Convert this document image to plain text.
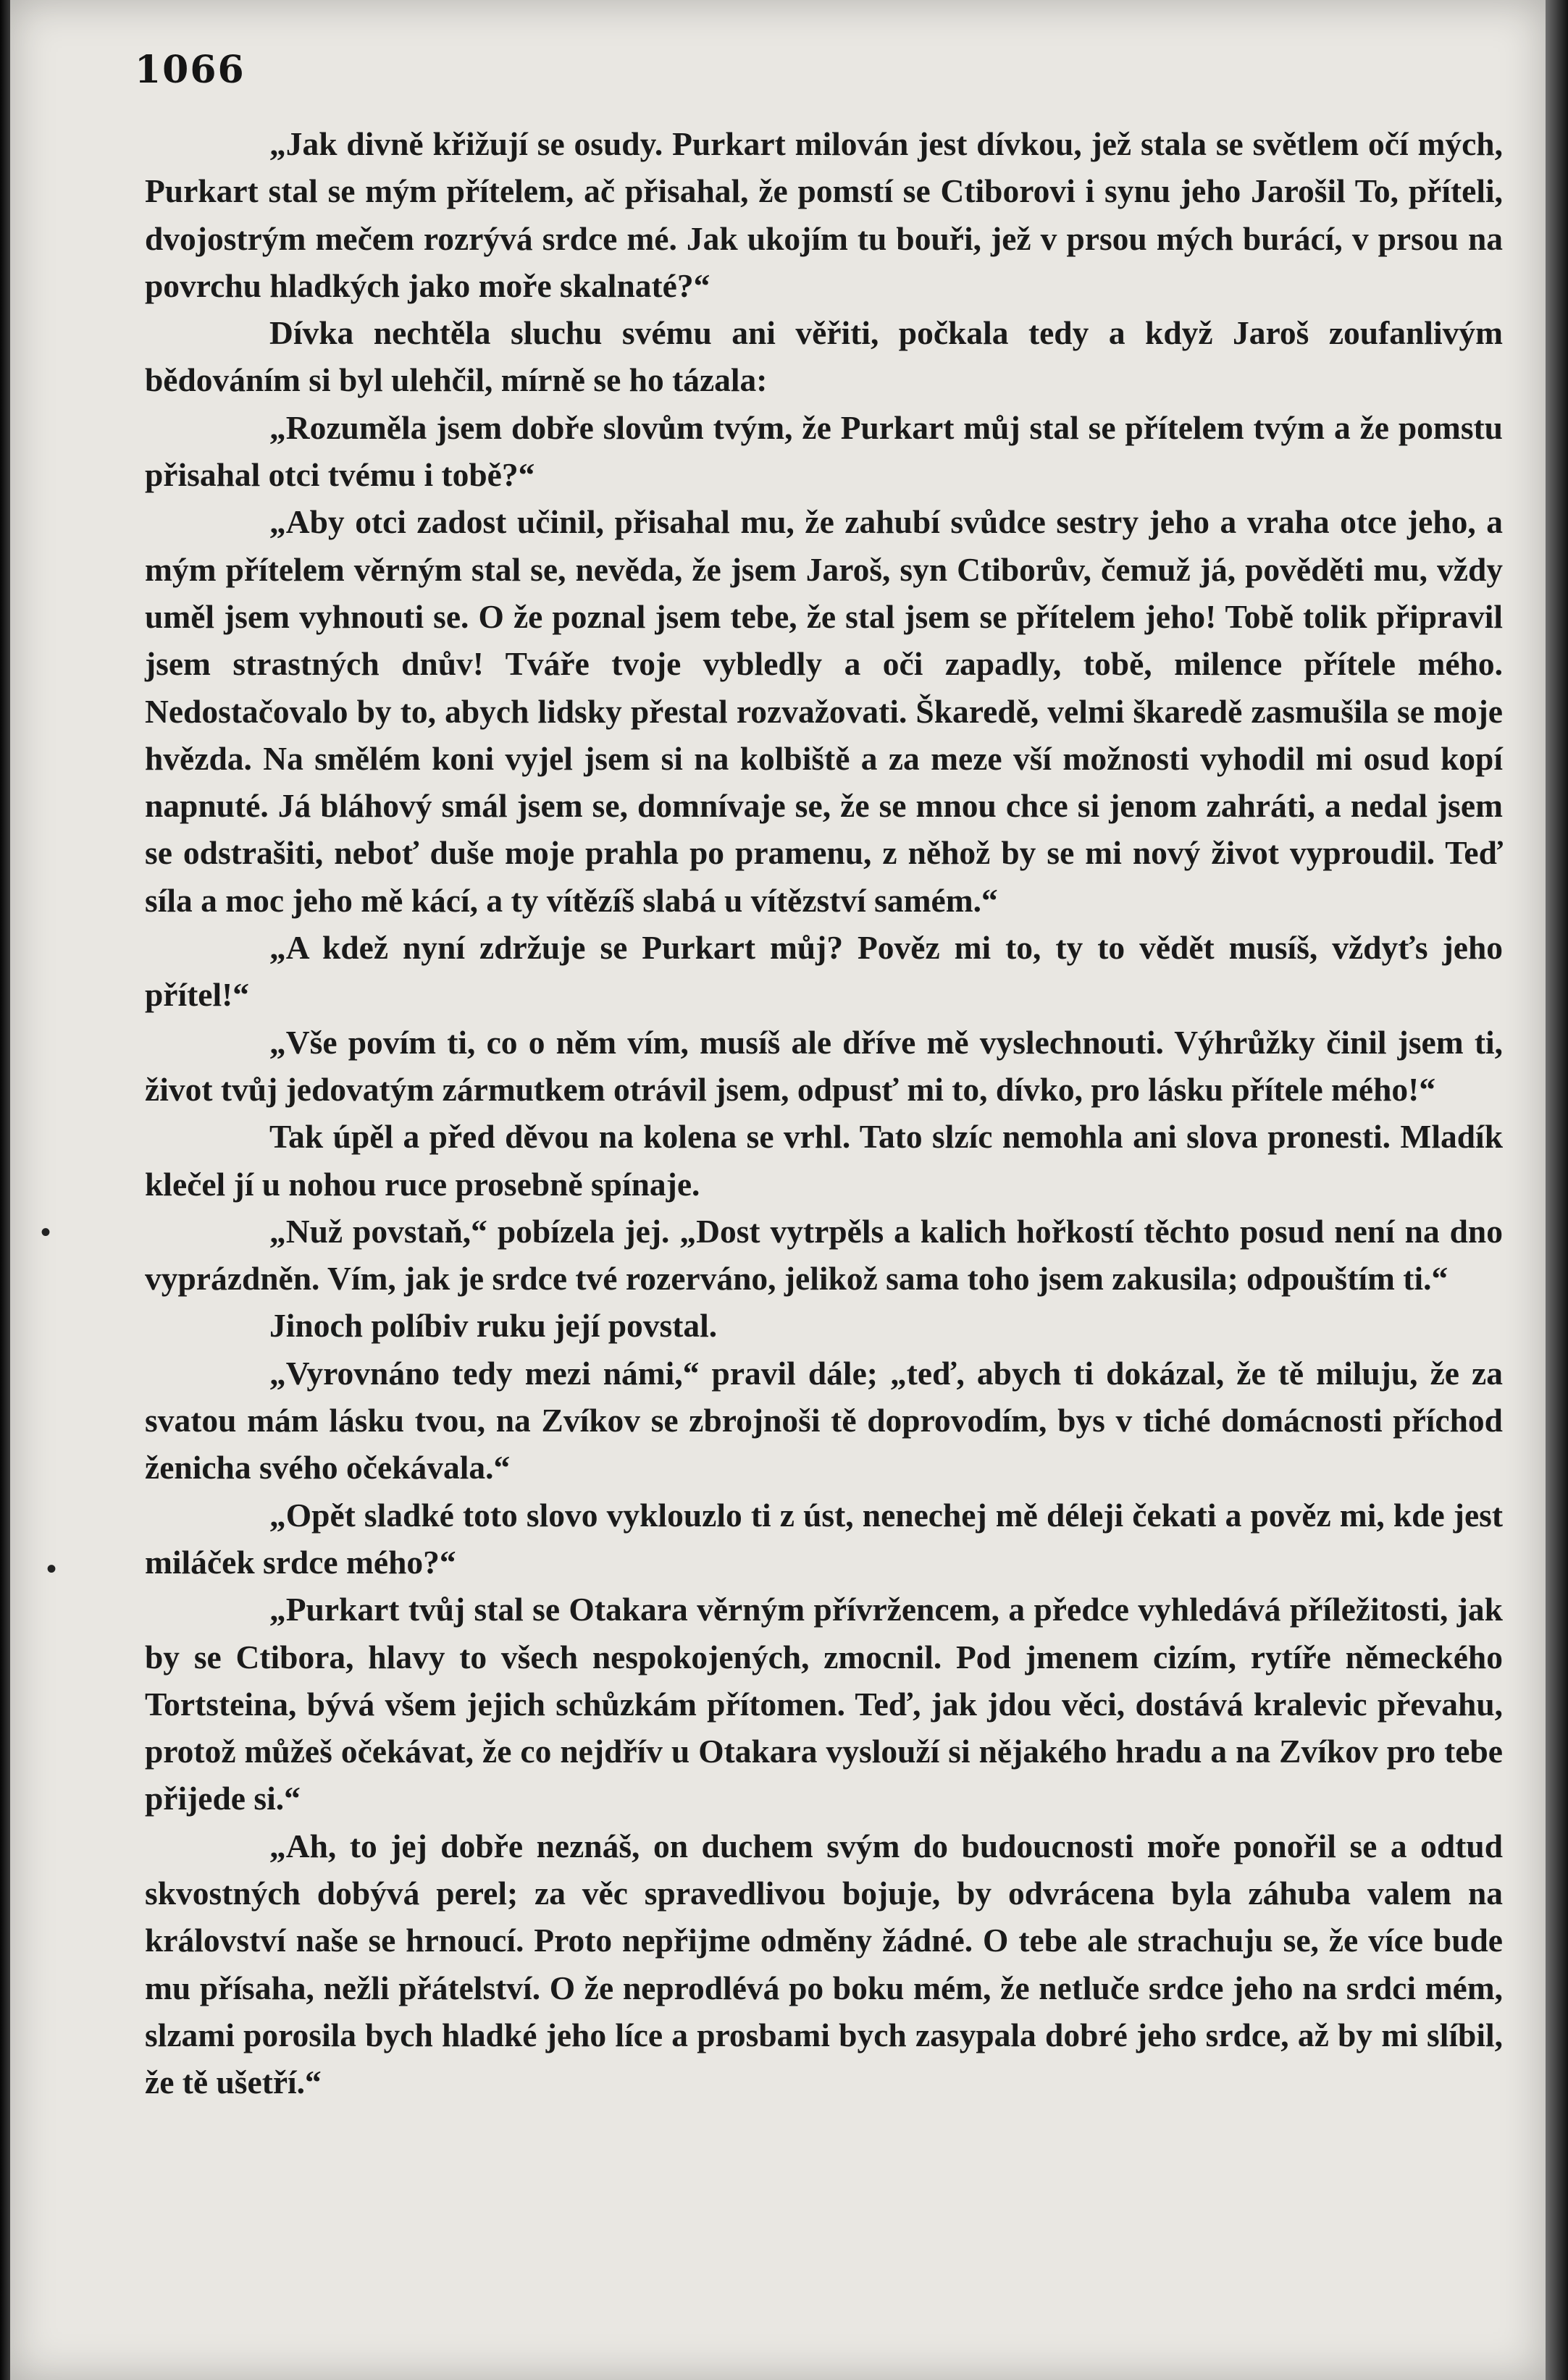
1066

„Jak divně křižují se osudy. Purkart milován jest dívkou, jež stala se světlem očí mých, Purkart stal se mým přítelem, ač přisahal, že pomstí se Ctiborovi i synu jeho Jarošil To, příteli, dvojostrým mečem rozrývá srdce mé. Jak ukojím tu bouři, jež v prsou mých burácí, v prsou na povrchu hladkých jako moře skalnaté?“

Dívka nechtěla sluchu svému ani věřiti, počkala tedy a když Jaroš zoufanlivým bědováním si byl ulehčil, mírně se ho tázala:

„Rozuměla jsem dobře slovům tvým, že Purkart můj stal se přítelem tvým a že pomstu přisahal otci tvému i tobě?“

„Aby otci zadost učinil, přisahal mu, že zahubí svůdce sestry jeho a vraha otce jeho, a mým přítelem věrným stal se, nevěda, že jsem Jaroš, syn Ctiborův, čemuž já, pověděti mu, vždy uměl jsem vyhnouti se. O že poznal jsem tebe, že stal jsem se přítelem jeho! Tobě tolik připravil jsem strastných dnův! Tváře tvoje vybledly a oči zapadly, tobě, milence přítele mého. Nedostačovalo by to, abych lidsky přestal rozvažovati. Škaredě, velmi škaredě zasmušila se moje hvězda. Na smělém koni vyjel jsem si na kolbiště a za meze vší možnosti vyhodil mi osud kopí napnuté. Já bláhový smál jsem se, domnívaje se, že se mnou chce si jenom zahráti, a nedal jsem se odstrašiti, neboť duše moje prahla po pramenu, z něhož by se mi nový život vyproudil. Teď síla a moc jeho mě kácí, a ty vítězíš slabá u vítězství samém.“

„A kdež nyní zdržuje se Purkart můj? Pověz mi to, ty to vědět musíš, vždyťs jeho přítel!“

„Vše povím ti, co o něm vím, musíš ale dříve mě vyslechnouti. Výhrůžky činil jsem ti, život tvůj jedovatým zármutkem otrávil jsem, odpusť mi to, dívko, pro lásku přítele mého!“

Tak úpěl a před děvou na kolena se vrhl. Tato slzíc nemohla ani slova pronesti. Mladík klečel jí u nohou ruce prosebně spínaje.

„Nuž povstaň,“ pobízela jej. „Dost vytrpěls a kalich hořkostí těchto posud není na dno vyprázdněn. Vím, jak je srdce tvé rozerváno, jelikož sama toho jsem zakusila; odpouštím ti.“

Jinoch políbiv ruku její povstal.

„Vyrovnáno tedy mezi námi,“ pravil dále; „teď, abych ti dokázal, že tě miluju, že za svatou mám lásku tvou, na Zvíkov se zbrojnoši tě doprovodím, bys v tiché domácnosti příchod ženicha svého očekávala.“

„Opět sladké toto slovo vyklouzlo ti z úst, nenechej mě déleji čekati a pověz mi, kde jest miláček srdce mého?“

„Purkart tvůj stal se Otakara věrným přívržencem, a předce vyhledává příležitosti, jak by se Ctibora, hlavy to všech nespokojených, zmocnil. Pod jmenem cizím, rytíře německého Tortsteina, bývá všem jejich schůzkám přítomen. Teď, jak jdou věci, dostává kralevic převahu, protož můžeš očekávat, že co nejdřív u Otakara vyslouží si nějakého hradu a na Zvíkov pro tebe přijede si.“

„Ah, to jej dobře neznáš, on duchem svým do budoucnosti moře ponořil se a odtud skvostných dobývá perel; za věc spravedlivou bojuje, by odvrácena byla záhuba valem na království naše se hrnoucí. Proto nepřijme odměny žádné. O tebe ale strachuju se, že více bude mu přísaha, nežli přátelství. O že neprodlévá po boku mém, že netluče srdce jeho na srdci mém, slzami porosila bych hladké jeho líce a prosbami bych zasypala dobré jeho srdce, až by mi slíbil, že tě ušetří.“

•
•
